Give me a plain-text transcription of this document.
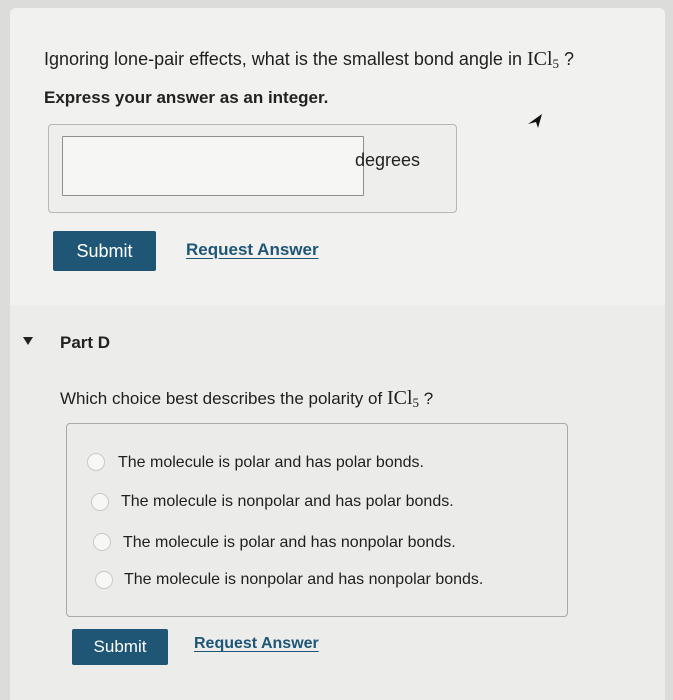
Ignoring lone-pair effects, what is the smallest bond angle in ICl$_5$ ?
Express your answer as an integer.
degrees
Submit	Request Answer
Part D
Which choice best describes the polarity of ICl$_5$ ?
The molecule is polar and has polar bonds.
The molecule is nonpolar and has polar bonds.
The molecule is polar and has nonpolar bonds.
The molecule is nonpolar and has nonpolar bonds.
Submit	Request Answer
